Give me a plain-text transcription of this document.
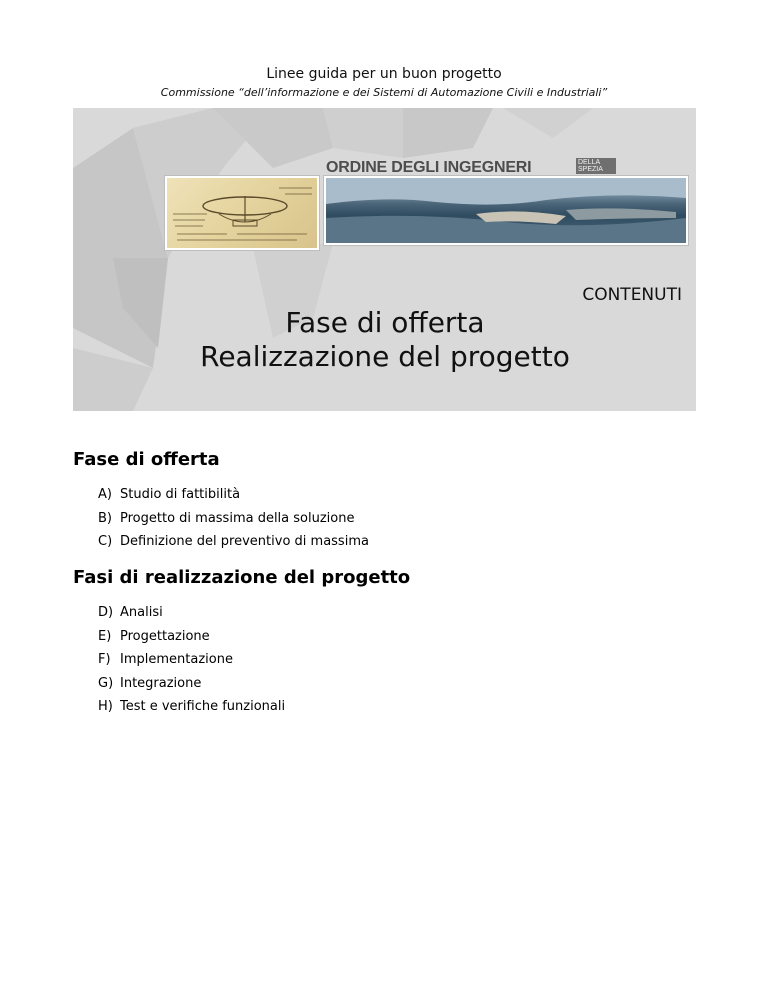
Linee guida per un buon progetto
Commissione “dell’informazione e dei Sistemi di Automazione Civili e Industriali”
ORDINE DEGLI INGEGNERI	DELLA
SPEZIA
CONTENUTI
Fase di offerta
Realizzazione del progetto
Fase di offerta
A) Studio di fattibilità
B) Progetto di massima della soluzione
C) Definizione del preventivo di massima
Fasi di realizzazione del progetto
D) Analisi
E) Progettazione
F) Implementazione
G) Integrazione
H) Test e verifiche funzionali
